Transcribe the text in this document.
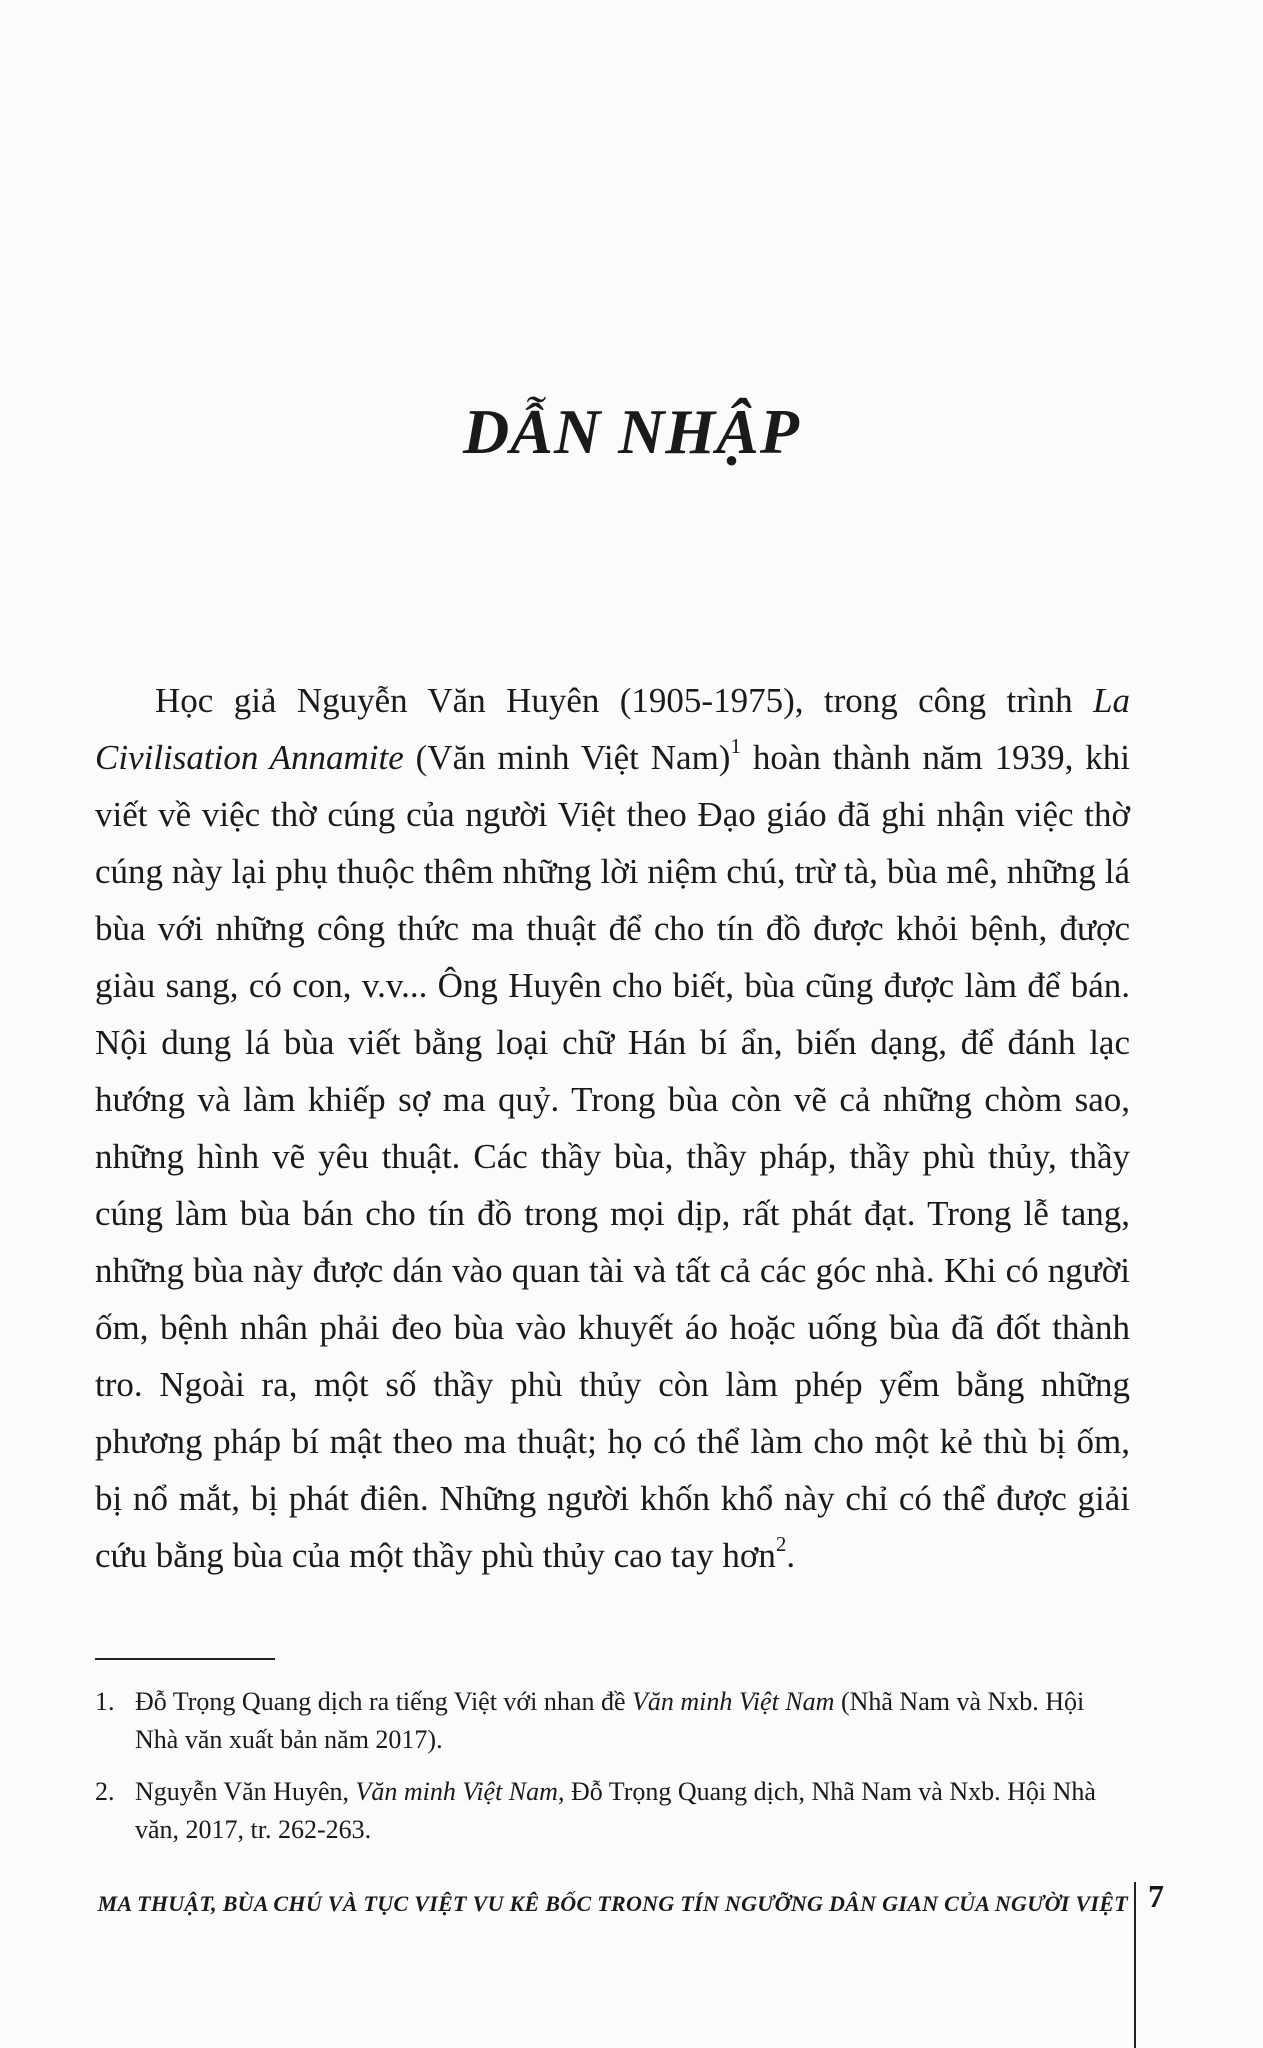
DẪN NHẬP

Học giả Nguyễn Văn Huyên (1905-1975), trong công trình La Civilisation Annamite (Văn minh Việt Nam)$^1$ hoàn thành năm 1939, khi viết về việc thờ cúng của người Việt theo Đạo giáo đã ghi nhận việc thờ cúng này lại phụ thuộc thêm những lời niệm chú, trừ tà, bùa mê, những lá bùa với những công thức ma thuật để cho tín đồ được khỏi bệnh, được giàu sang, có con, v.v... Ông Huyên cho biết, bùa cũng được làm để bán. Nội dung lá bùa viết bằng loại chữ Hán bí ẩn, biến dạng, để đánh lạc hướng và làm khiếp sợ ma quỷ. Trong bùa còn vẽ cả những chòm sao, những hình vẽ yêu thuật. Các thầy bùa, thầy pháp, thầy phù thủy, thầy cúng làm bùa bán cho tín đồ trong mọi dịp, rất phát đạt. Trong lễ tang, những bùa này được dán vào quan tài và tất cả các góc nhà. Khi có người ốm, bệnh nhân phải đeo bùa vào khuyết áo hoặc uống bùa đã đốt thành tro. Ngoài ra, một số thầy phù thủy còn làm phép yểm bằng những phương pháp bí mật theo ma thuật; họ có thể làm cho một kẻ thù bị ốm, bị nổ mắt, bị phát điên. Những người khốn khổ này chỉ có thể được giải cứu bằng bùa của một thầy phù thủy cao tay hơn$^2$.

1. Đỗ Trọng Quang dịch ra tiếng Việt với nhan đề Văn minh Việt Nam (Nhã Nam và Nxb. Hội Nhà văn xuất bản năm 2017).
2. Nguyễn Văn Huyên, Văn minh Việt Nam, Đỗ Trọng Quang dịch, Nhã Nam và Nxb. Hội Nhà văn, 2017, tr. 262-263.
MA THUẬT, BÙA CHÚ VÀ TỤC VIỆT VU KÊ BỐC TRONG TÍN NGƯỠNG DÂN GIAN CỦA NGƯỜI VIỆT 7
